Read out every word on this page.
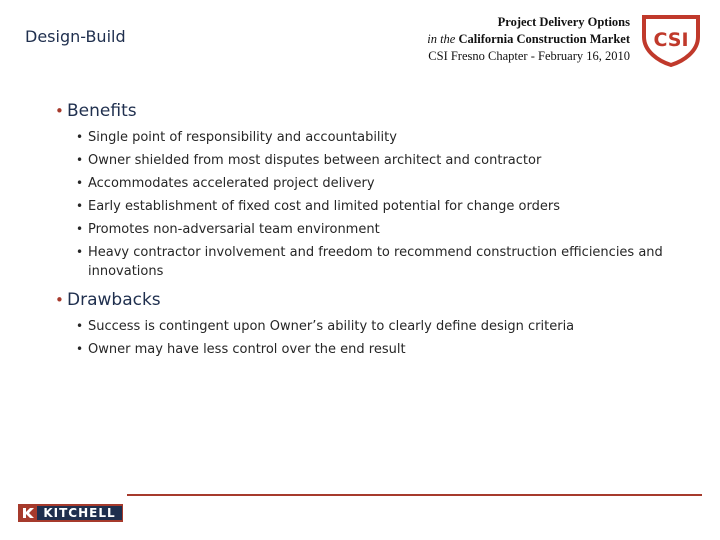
Design-Build
Project Delivery Options
in the California Construction Market
CSI Fresno Chapter - February 16, 2010
CSI
• Benefits
• Single point of responsibility and accountability
• Owner shielded from most disputes between architect and contractor
• Accommodates accelerated project delivery
• Early establishment of fixed cost and limited potential for change orders
• Promotes non-adversarial team environment
• Heavy contractor involvement and freedom to recommend construction efficiencies and innovations
• Drawbacks
• Success is contingent upon Owner’s ability to clearly define design criteria
• Owner may have less control over the end result
KITCHELL
